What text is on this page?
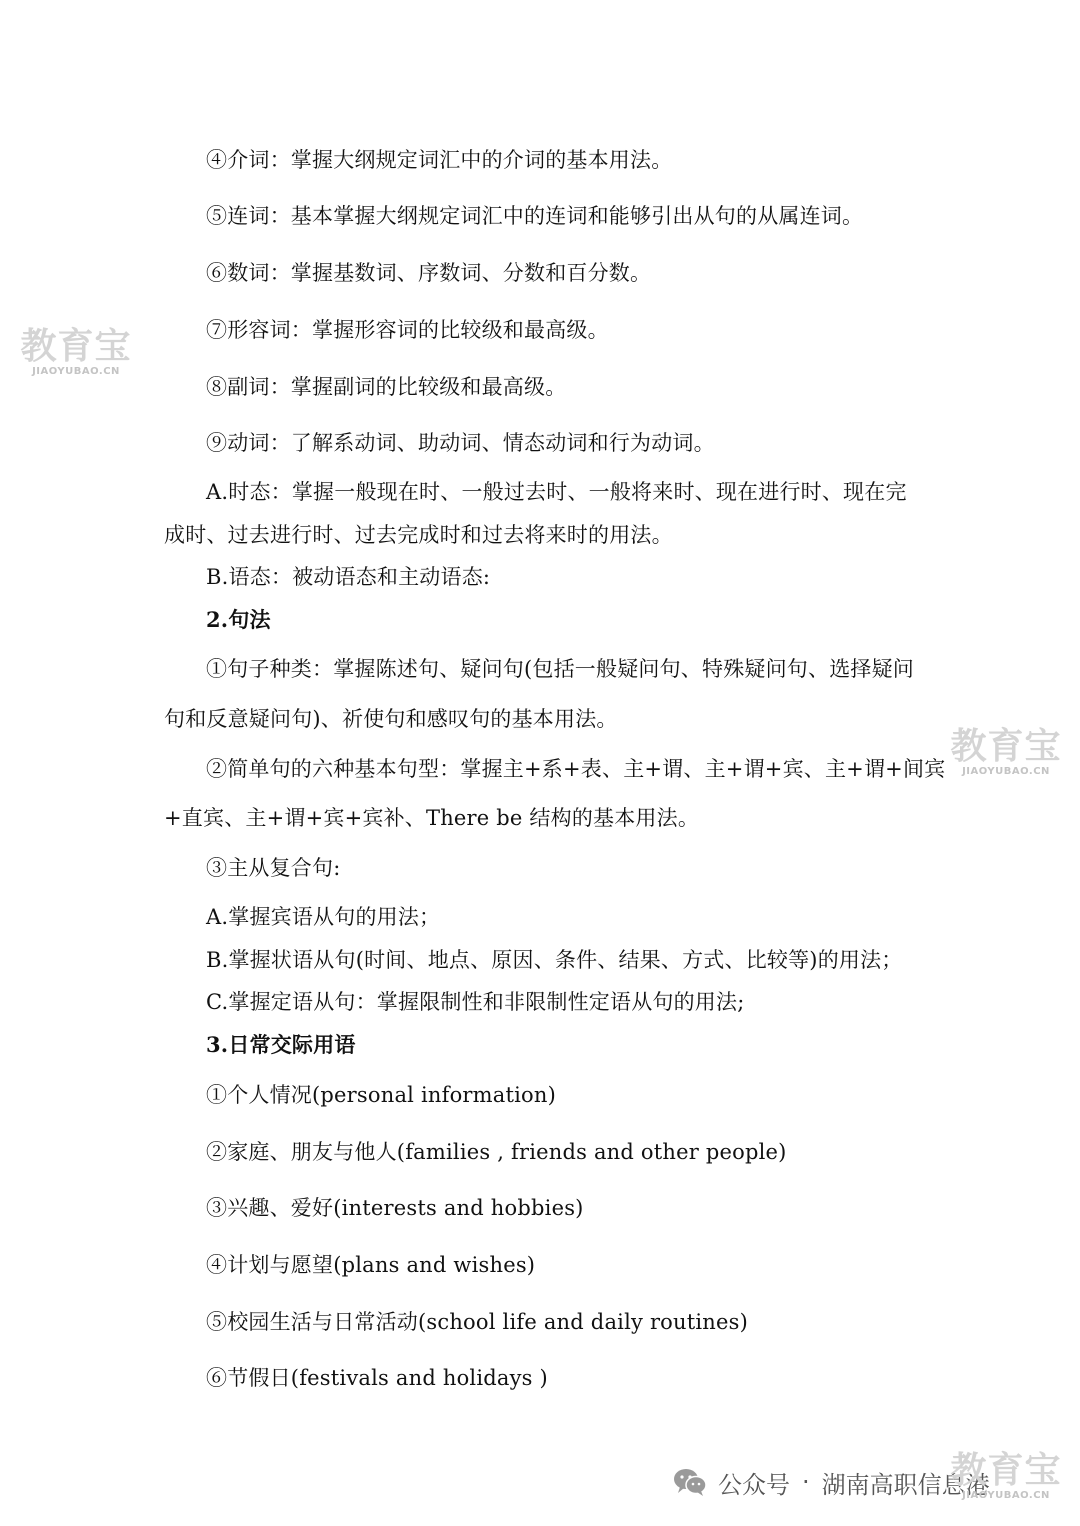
④介词：掌握大纲规定词汇中的介词的基本用法。
⑤连词：基本掌握大纲规定词汇中的连词和能够引出从句的从属连词。
⑥数词：掌握基数词、序数词、分数和百分数。
⑦形容词：掌握形容词的比较级和最高级。
⑧副词：掌握副词的比较级和最高级。
⑨动词：了解系动词、助动词、情态动词和行为动词。
A.时态：掌握一般现在时、一般过去时、一般将来时、现在进行时、现在完
成时、过去进行时、过去完成时和过去将来时的用法。
B.语态：被动语态和主动语态:
2.句法
①句子种类：掌握陈述句、疑问句(包括一般疑问句、特殊疑问句、选择疑问
句和反意疑问句)、祈使句和感叹句的基本用法。
②简单句的六种基本句型：掌握主+系+表、主+谓、主+谓+宾、主+谓+间宾
+直宾、主+谓+宾+宾补、There be 结构的基本用法。
③主从复合句:
A.掌握宾语从句的用法；
B.掌握状语从句(时间、地点、原因、条件、结果、方式、比较等)的用法；
C.掌握定语从句：掌握限制性和非限制性定语从句的用法;
3.日常交际用语
①个人情况(personal information)
②家庭、朋友与他人(families , friends and other people)
③兴趣、爱好(interests and hobbies)
④计划与愿望(plans and wishes)
⑤校园生活与日常活动(school life and daily routines)
⑥节假日(festivals and holidays )
教育宝
JIAOYUBAO.CN
教育宝
JIAOYUBAO.CN
公众号 · 湖南高职信息港
教育宝
JIAOYUBAO.CN
